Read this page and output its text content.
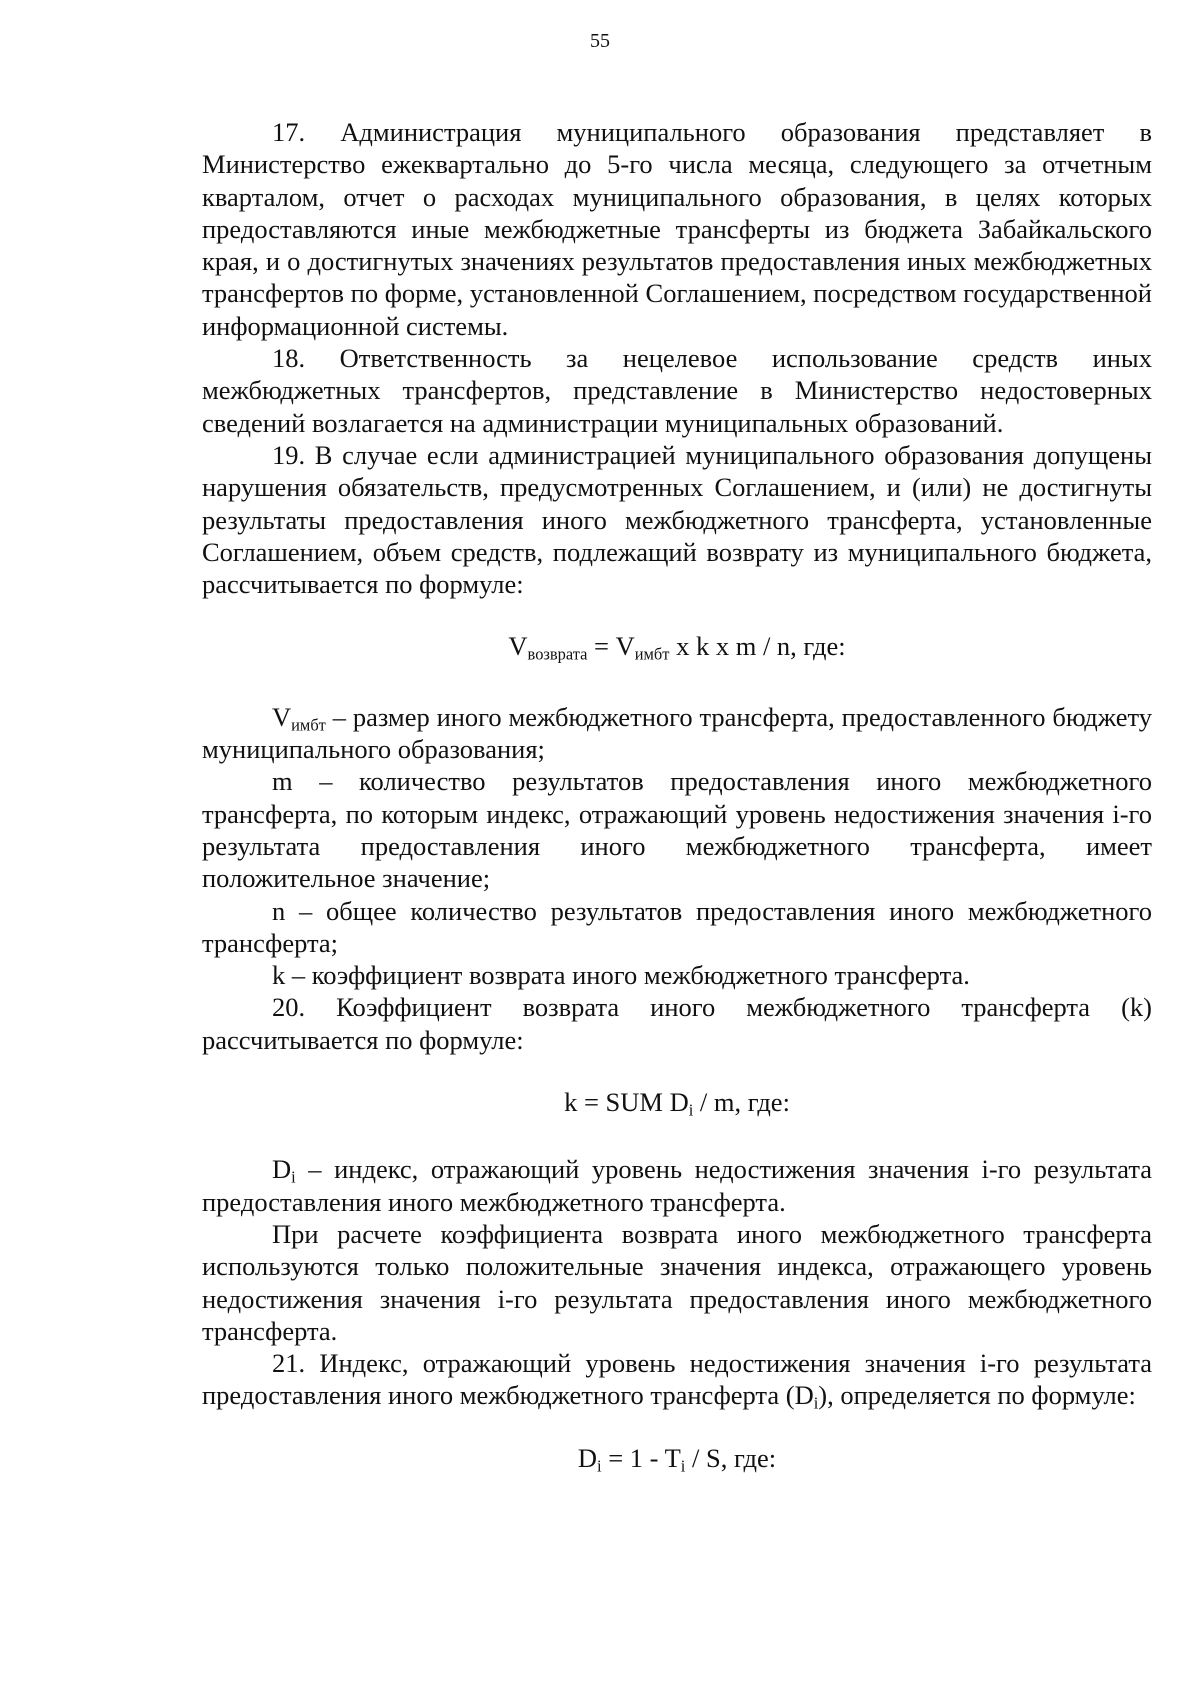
55

17. Администрация муниципального образования представляет в Министерство ежеквартально до 5-го числа месяца, следующего за отчетным кварталом, отчет о расходах муниципального образования, в целях которых предоставляются иные межбюджетные трансферты из бюджета Забайкальского края, и о достигнутых значениях результатов предоставления иных межбюджетных трансфертов по форме, установленной Соглашением, посредством государственной информационной системы.

18. Ответственность за нецелевое использование средств иных межбюджетных трансфертов, представление в Министерство недостоверных сведений возлагается на администрации муниципальных образований.

19. В случае если администрацией муниципального образования допущены нарушения обязательств, предусмотренных Соглашением, и (или) не достигнуты результаты предоставления иного межбюджетного трансферта, установленные Соглашением, объем средств, подлежащий возврату из муниципального бюджета, рассчитывается по формуле:

$V_{возврата} = V_{имбт}$ x k x m / n, где:

$V_{имбт}$ – размер иного межбюджетного трансферта, предоставленного бюджету муниципального образования;

m – количество результатов предоставления иного межбюджетного трансферта, по которым индекс, отражающий уровень недостижения значения i-го результата предоставления иного межбюджетного трансферта, имеет положительное значение;

n – общее количество результатов предоставления иного межбюджетного трансферта;

k – коэффициент возврата иного межбюджетного трансферта.

20. Коэффициент возврата иного межбюджетного трансферта (k) рассчитывается по формуле:

k = SUM $D_i$ / m, где:

$D_i$ – индекс, отражающий уровень недостижения значения i-го результата предоставления иного межбюджетного трансферта.

При расчете коэффициента возврата иного межбюджетного трансферта используются только положительные значения индекса, отражающего уровень недостижения значения i-го результата предоставления иного межбюджетного трансферта.

21. Индекс, отражающий уровень недостижения значения i-го результата предоставления иного межбюджетного трансферта $(D_i)$, определяется по формуле:

$D_i = 1 - T_i / S$, где:
